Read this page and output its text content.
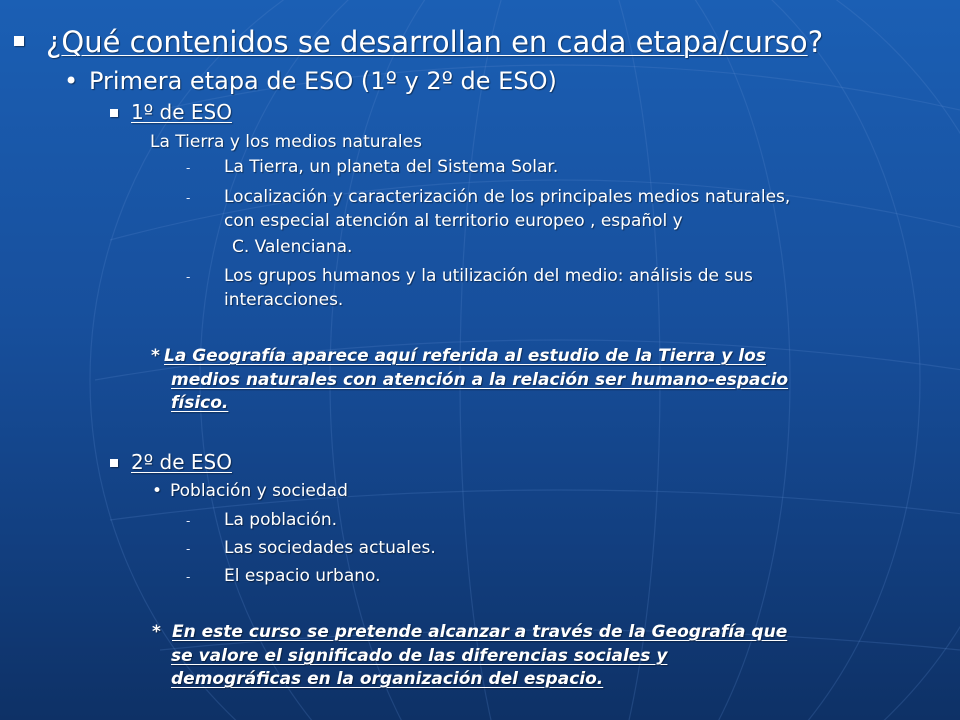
¿Qué contenidos se desarrollan en cada etapa/curso?
• Primera etapa de ESO (1º y 2º de ESO)
1º de ESO
La Tierra y los medios naturales
- La Tierra, un planeta del Sistema Solar.
- Localización y caracterización de los principales medios naturales,
con especial atención al territorio europeo , español y
C. Valenciana.
- Los grupos humanos y la utilización del medio: análisis de sus
interacciones.
* La Geografía aparece aquí referida al estudio de la Tierra y los
medios naturales con atención a la relación ser humano-espacio
físico.
2º de ESO
• Población y sociedad
- La población.
- Las sociedades actuales.
- El espacio urbano.
* En este curso se pretende alcanzar a través de la Geografía que
se valore el significado de las diferencias sociales y
demográficas en la organización del espacio.
